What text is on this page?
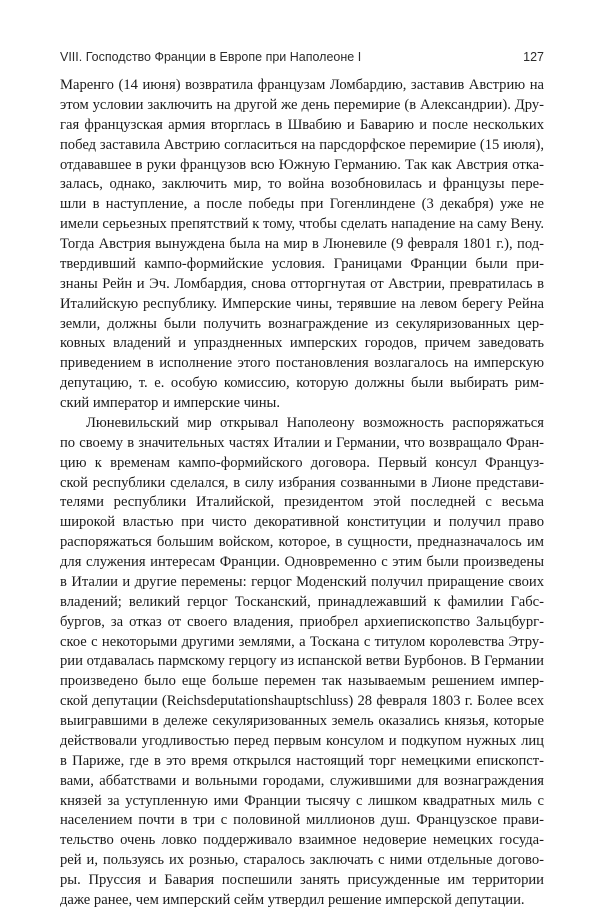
VIII. Господство Франции в Европе при Наполеоне I	127
Маренго (14 июня) возвратила французам Ломбардию, заставив Австрию на
этом условии заключить на другой же день перемирие (в Александрии). Дру-
гая французская армия вторглась в Швабию и Баварию и после нескольких
побед заставила Австрию согласиться на парсдорфское перемирие (15 июля),
отдававшее в руки французов всю Южную Германию. Так как Австрия отка-
залась, однако, заключить мир, то война возобновилась и французы пере-
шли в наступление, а после победы при Гогенлиндене (3 декабря) уже не
имели серьезных препятствий к тому, чтобы сделать нападение на саму Вену.
Тогда Австрия вынуждена была на мир в Люневиле (9 февраля 1801 г.), под-
твердивший кампо-формийские условия. Границами Франции были при-
знаны Рейн и Эч. Ломбардия, снова отторгнутая от Австрии, превратилась в
Италийскую республику. Имперские чины, терявшие на левом берегу Рейна
земли, должны были получить вознаграждение из секуляризованных цер-
ковных владений и упраздненных имперских городов, причем заведовать
приведением в исполнение этого постановления возлагалось на имперскую
депутацию, т. е. особую комиссию, которую должны были выбирать рим-
ский император и имперские чины.
Люневильский мир открывал Наполеону возможность распоряжаться
по своему в значительных частях Италии и Германии, что возвращало Фран-
цию к временам кампо-формийского договора. Первый консул Француз-
ской республики сделался, в силу избрания созванными в Лионе представи-
телями республики Италийской, президентом этой последней с весьма
широкой властью при чисто декоративной конституции и получил право
распоряжаться большим войском, которое, в сущности, предназначалось им
для служения интересам Франции. Одновременно с этим были произведены
в Италии и другие перемены: герцог Моденский получил приращение своих
владений; великий герцог Тосканский, принадлежавший к фамилии Габс-
бургов, за отказ от своего владения, приобрел архиепископство Зальцбург-
ское с некоторыми другими землями, а Тоскана с титулом королевства Этру-
рии отдавалась пармскому герцогу из испанской ветви Бурбонов. В Германии
произведено было еще больше перемен так называемым решением импер-
ской депутации (Reichsdeputationshauptschluss) 28 февраля 1803 г. Более всех
выигравшими в дележе секуляризованных земель оказались князья, которые
действовали угодливостью перед первым консулом и подкупом нужных лиц
в Париже, где в это время открылся настоящий торг немецкими епископст-
вами, аббатствами и вольными городами, служившими для вознаграждения
князей за уступленную ими Франции тысячу с лишком квадратных миль с
населением почти в три с половиной миллионов душ. Французское прави-
тельство очень ловко поддерживало взаимное недоверие немецких госуда-
рей и, пользуясь их рознью, старалось заключать с ними отдельные догово-
ры. Пруссия и Бавария поспешили занять присужденные им территории
даже ранее, чем имперский сейм утвердил решение имперской депутации.
